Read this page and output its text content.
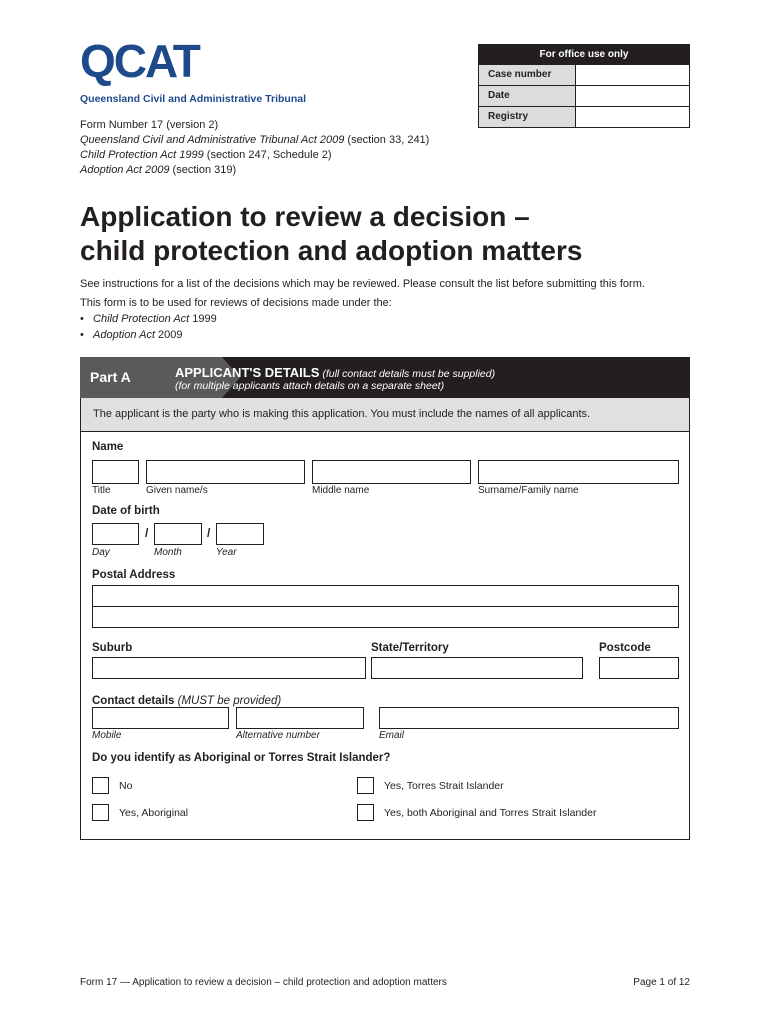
QCAT
Queensland Civil and Administrative Tribunal
For office use only
Case number
Date
Registry
Form Number 17 (version 2)
Queensland Civil and Administrative Tribunal Act 2009 (section 33, 241)
Child Protection Act 1999 (section 247, Schedule 2)
Adoption Act 2009 (section 319)
Application to review a decision –
child protection and adoption matters

See instructions for a list of the decisions which may be reviewed. Please consult the list before submitting this form.

This form is to be used for reviews of decisions made under the:
• Child Protection Act 1999
• Adoption Act 2009
Part A	APPLICANT'S DETAILS (full contact details must be supplied)
(for multiple applicants attach details on a separate sheet)
The applicant is the party who is making this application. You must include the names of all applicants.
Name
Title	Given name/s	Middle name	Surname/Family name
Date of birth
/	/
Day	Month	Year
Postal Address
Suburb	State/Territory	Postcode
Contact details (MUST be provided)
Mobile	Alternative number	Email
Do you identify as Aboriginal or Torres Strait Islander?
No	Yes, Torres Strait Islander
Yes, Aboriginal	Yes, both Aboriginal and Torres Strait Islander
Form 17 — Application to review a decision – child protection and adoption matters	Page 1 of 12
